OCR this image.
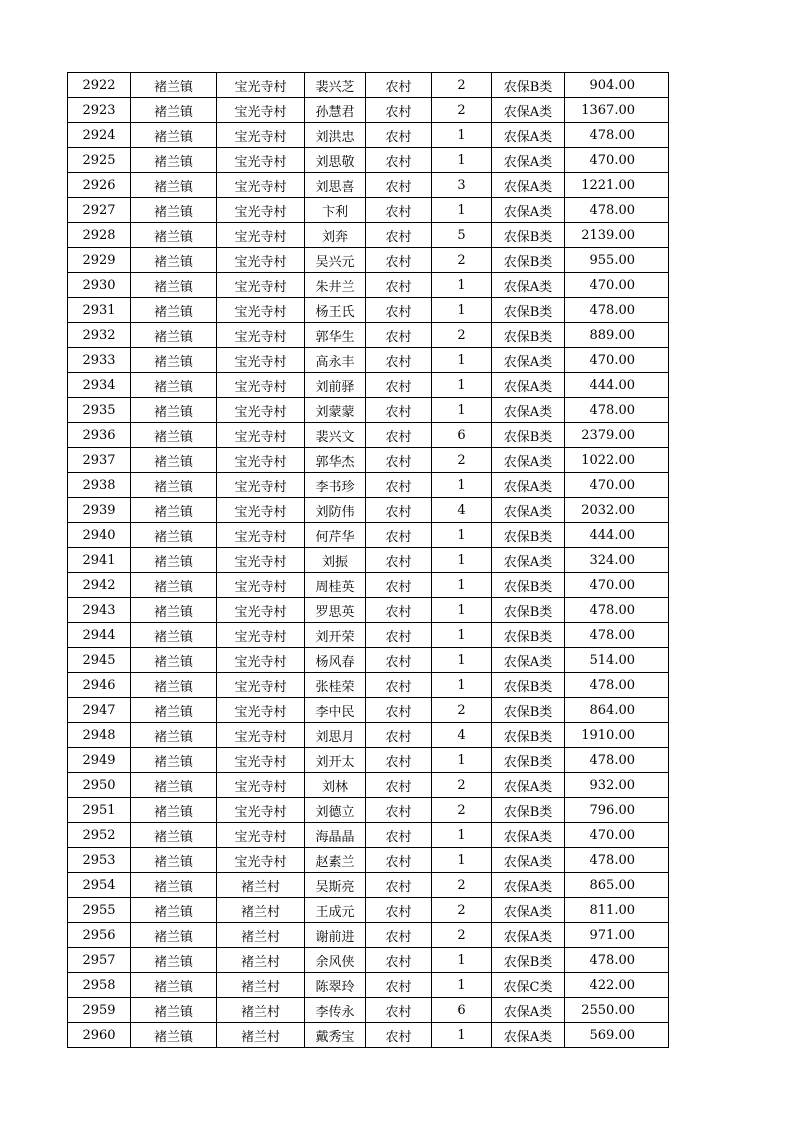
2922	褚兰镇	宝光寺村	裴兴芝	农村	2	农保B类	904.00
2923	褚兰镇	宝光寺村	孙慧君	农村	2	农保A类	1367.00
2924	褚兰镇	宝光寺村	刘洪忠	农村	1	农保A类	478.00
2925	褚兰镇	宝光寺村	刘思敬	农村	1	农保A类	470.00
2926	褚兰镇	宝光寺村	刘思喜	农村	3	农保A类	1221.00
2927	褚兰镇	宝光寺村	卞利	农村	1	农保A类	478.00
2928	褚兰镇	宝光寺村	刘奔	农村	5	农保B类	2139.00
2929	褚兰镇	宝光寺村	吴兴元	农村	2	农保B类	955.00
2930	褚兰镇	宝光寺村	朱井兰	农村	1	农保A类	470.00
2931	褚兰镇	宝光寺村	杨王氏	农村	1	农保B类	478.00
2932	褚兰镇	宝光寺村	郭华生	农村	2	农保B类	889.00
2933	褚兰镇	宝光寺村	高永丰	农村	1	农保A类	470.00
2934	褚兰镇	宝光寺村	刘前驿	农村	1	农保A类	444.00
2935	褚兰镇	宝光寺村	刘蒙蒙	农村	1	农保A类	478.00
2936	褚兰镇	宝光寺村	裴兴文	农村	6	农保B类	2379.00
2937	褚兰镇	宝光寺村	郭华杰	农村	2	农保A类	1022.00
2938	褚兰镇	宝光寺村	李书珍	农村	1	农保A类	470.00
2939	褚兰镇	宝光寺村	刘防伟	农村	4	农保A类	2032.00
2940	褚兰镇	宝光寺村	何芹华	农村	1	农保B类	444.00
2941	褚兰镇	宝光寺村	刘振	农村	1	农保A类	324.00
2942	褚兰镇	宝光寺村	周桂英	农村	1	农保B类	470.00
2943	褚兰镇	宝光寺村	罗思英	农村	1	农保B类	478.00
2944	褚兰镇	宝光寺村	刘开荣	农村	1	农保B类	478.00
2945	褚兰镇	宝光寺村	杨风春	农村	1	农保A类	514.00
2946	褚兰镇	宝光寺村	张桂荣	农村	1	农保B类	478.00
2947	褚兰镇	宝光寺村	李中民	农村	2	农保B类	864.00
2948	褚兰镇	宝光寺村	刘思月	农村	4	农保B类	1910.00
2949	褚兰镇	宝光寺村	刘开太	农村	1	农保B类	478.00
2950	褚兰镇	宝光寺村	刘林	农村	2	农保A类	932.00
2951	褚兰镇	宝光寺村	刘德立	农村	2	农保B类	796.00
2952	褚兰镇	宝光寺村	海晶晶	农村	1	农保A类	470.00
2953	褚兰镇	宝光寺村	赵素兰	农村	1	农保A类	478.00
2954	褚兰镇	褚兰村	吴斯亮	农村	2	农保A类	865.00
2955	褚兰镇	褚兰村	王成元	农村	2	农保A类	811.00
2956	褚兰镇	褚兰村	谢前进	农村	2	农保A类	971.00
2957	褚兰镇	褚兰村	余风侠	农村	1	农保B类	478.00
2958	褚兰镇	褚兰村	陈翠玲	农村	1	农保C类	422.00
2959	褚兰镇	褚兰村	李传永	农村	6	农保A类	2550.00
2960	褚兰镇	褚兰村	戴秀宝	农村	1	农保A类	569.00
